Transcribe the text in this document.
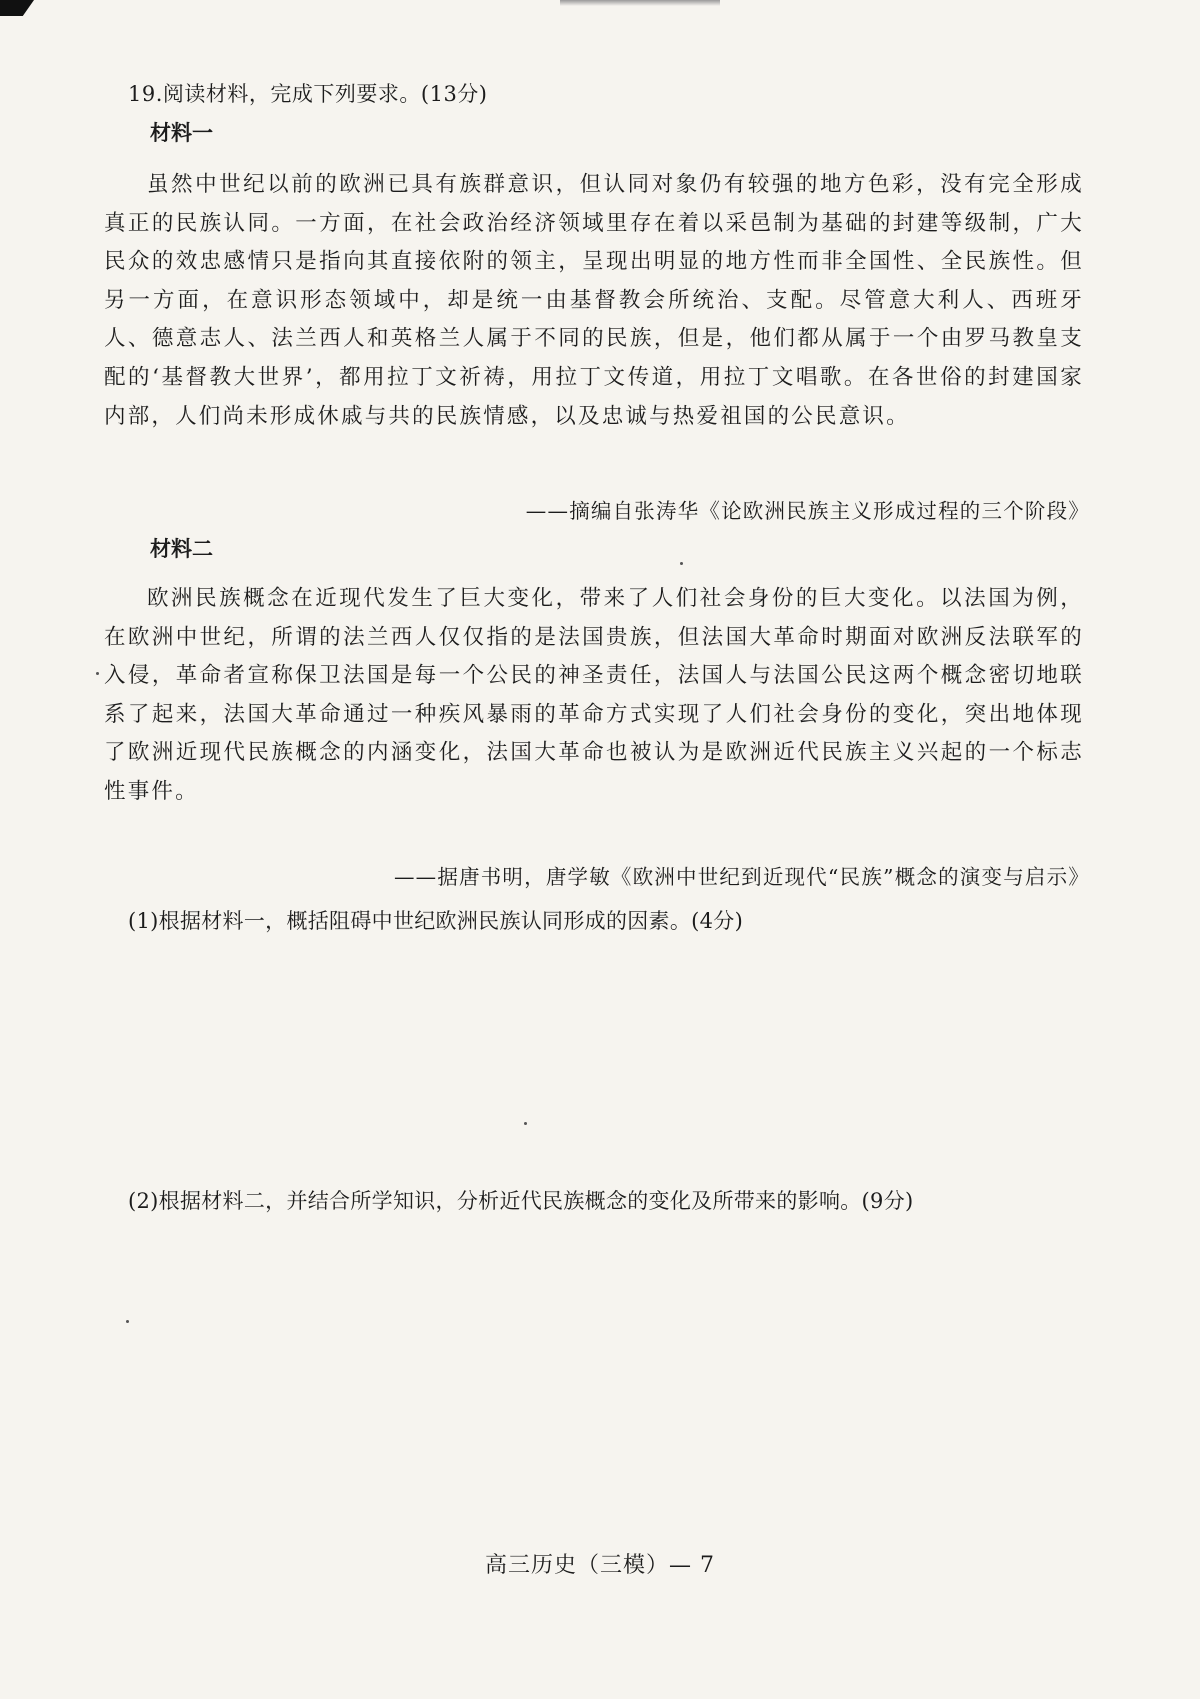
19.阅读材料，完成下列要求。(13分)
材料一
虽然中世纪以前的欧洲已具有族群意识，但认同对象仍有较强的地方色彩，没有完全形成真正的民族认同。一方面，在社会政治经济领域里存在着以采邑制为基础的封建等级制，广大民众的效忠感情只是指向其直接依附的领主，呈现出明显的地方性而非全国性、全民族性。但另一方面，在意识形态领域中，却是统一由基督教会所统治、支配。尽管意大利人、西班牙人、德意志人、法兰西人和英格兰人属于不同的民族，但是，他们都从属于一个由罗马教皇支配的‘基督教大世界’，都用拉丁文祈祷，用拉丁文传道，用拉丁文唱歌。在各世俗的封建国家内部，人们尚未形成休戚与共的民族情感，以及忠诚与热爱祖国的公民意识。
——摘编自张涛华《论欧洲民族主义形成过程的三个阶段》
材料二
欧洲民族概念在近现代发生了巨大变化，带来了人们社会身份的巨大变化。以法国为例，在欧洲中世纪，所谓的法兰西人仅仅指的是法国贵族，但法国大革命时期面对欧洲反法联军的入侵，革命者宣称保卫法国是每一个公民的神圣责任，法国人与法国公民这两个概念密切地联系了起来，法国大革命通过一种疾风暴雨的革命方式实现了人们社会身份的变化，突出地体现了欧洲近现代民族概念的内涵变化，法国大革命也被认为是欧洲近代民族主义兴起的一个标志性事件。
——据唐书明，唐学敏《欧洲中世纪到近现代“民族”概念的演变与启示》
(1)根据材料一，概括阻碍中世纪欧洲民族认同形成的因素。(4分)
(2)根据材料二，并结合所学知识，分析近代民族概念的变化及所带来的影响。(9分)
高三历史（三模）— 7
